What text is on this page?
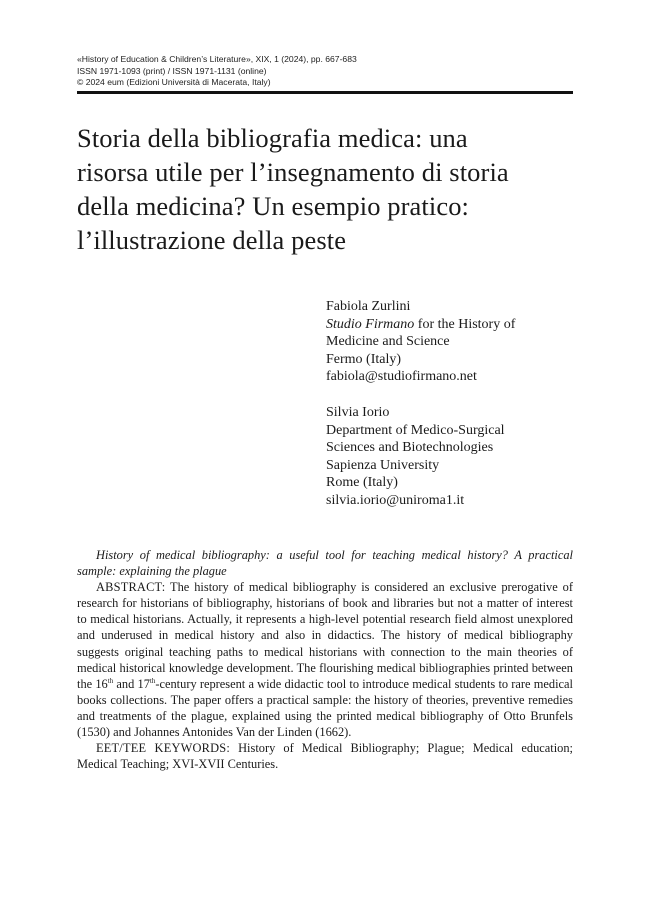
«History of Education & Children’s Literature», XIX, 1 (2024), pp. 667-683
ISSN 1971-1093 (print) / ISSN 1971-1131 (online)
© 2024 eum (Edizioni Università di Macerata, Italy)
Storia della bibliografia medica: una
risorsa utile per l’insegnamento di storia
della medicina? Un esempio pratico:
l’illustrazione della peste
Fabiola Zurlini
Studio Firmano for the History of
Medicine and Science
Fermo (Italy)
fabiola@studiofirmano.net
Silvia Iorio
Department of Medico-Surgical
Sciences and Biotechnologies
Sapienza University
Rome (Italy)
silvia.iorio@uniroma1.it

History of medical bibliography: a useful tool for teaching medical history? A practical sample: explaining the plague

ABSTRACT: The history of medical bibliography is considered an exclusive prerogative of research for historians of bibliography, historians of book and libraries but not a matter of interest to medical historians. Actually, it represents a high-level potential research field almost unexplored and underused in medical history and also in didactics. The history of medical bibliography suggests original teaching paths to medical historians with connection to the main theories of medical historical knowledge development. The flourishing medical bibliographies printed between the 16th and 17th-century represent a wide didactic tool to introduce medical students to rare medical books collections. The paper offers a practical sample: the history of theories, preventive remedies and treatments of the plague, explained using the printed medical bibliography of Otto Brunfels (1530) and Johannes Antonides Van der Linden (1662).

EET/TEE KEYWORDS: History of Medical Bibliography; Plague; Medical education; Medical Teaching; XVI-XVII Centuries.
